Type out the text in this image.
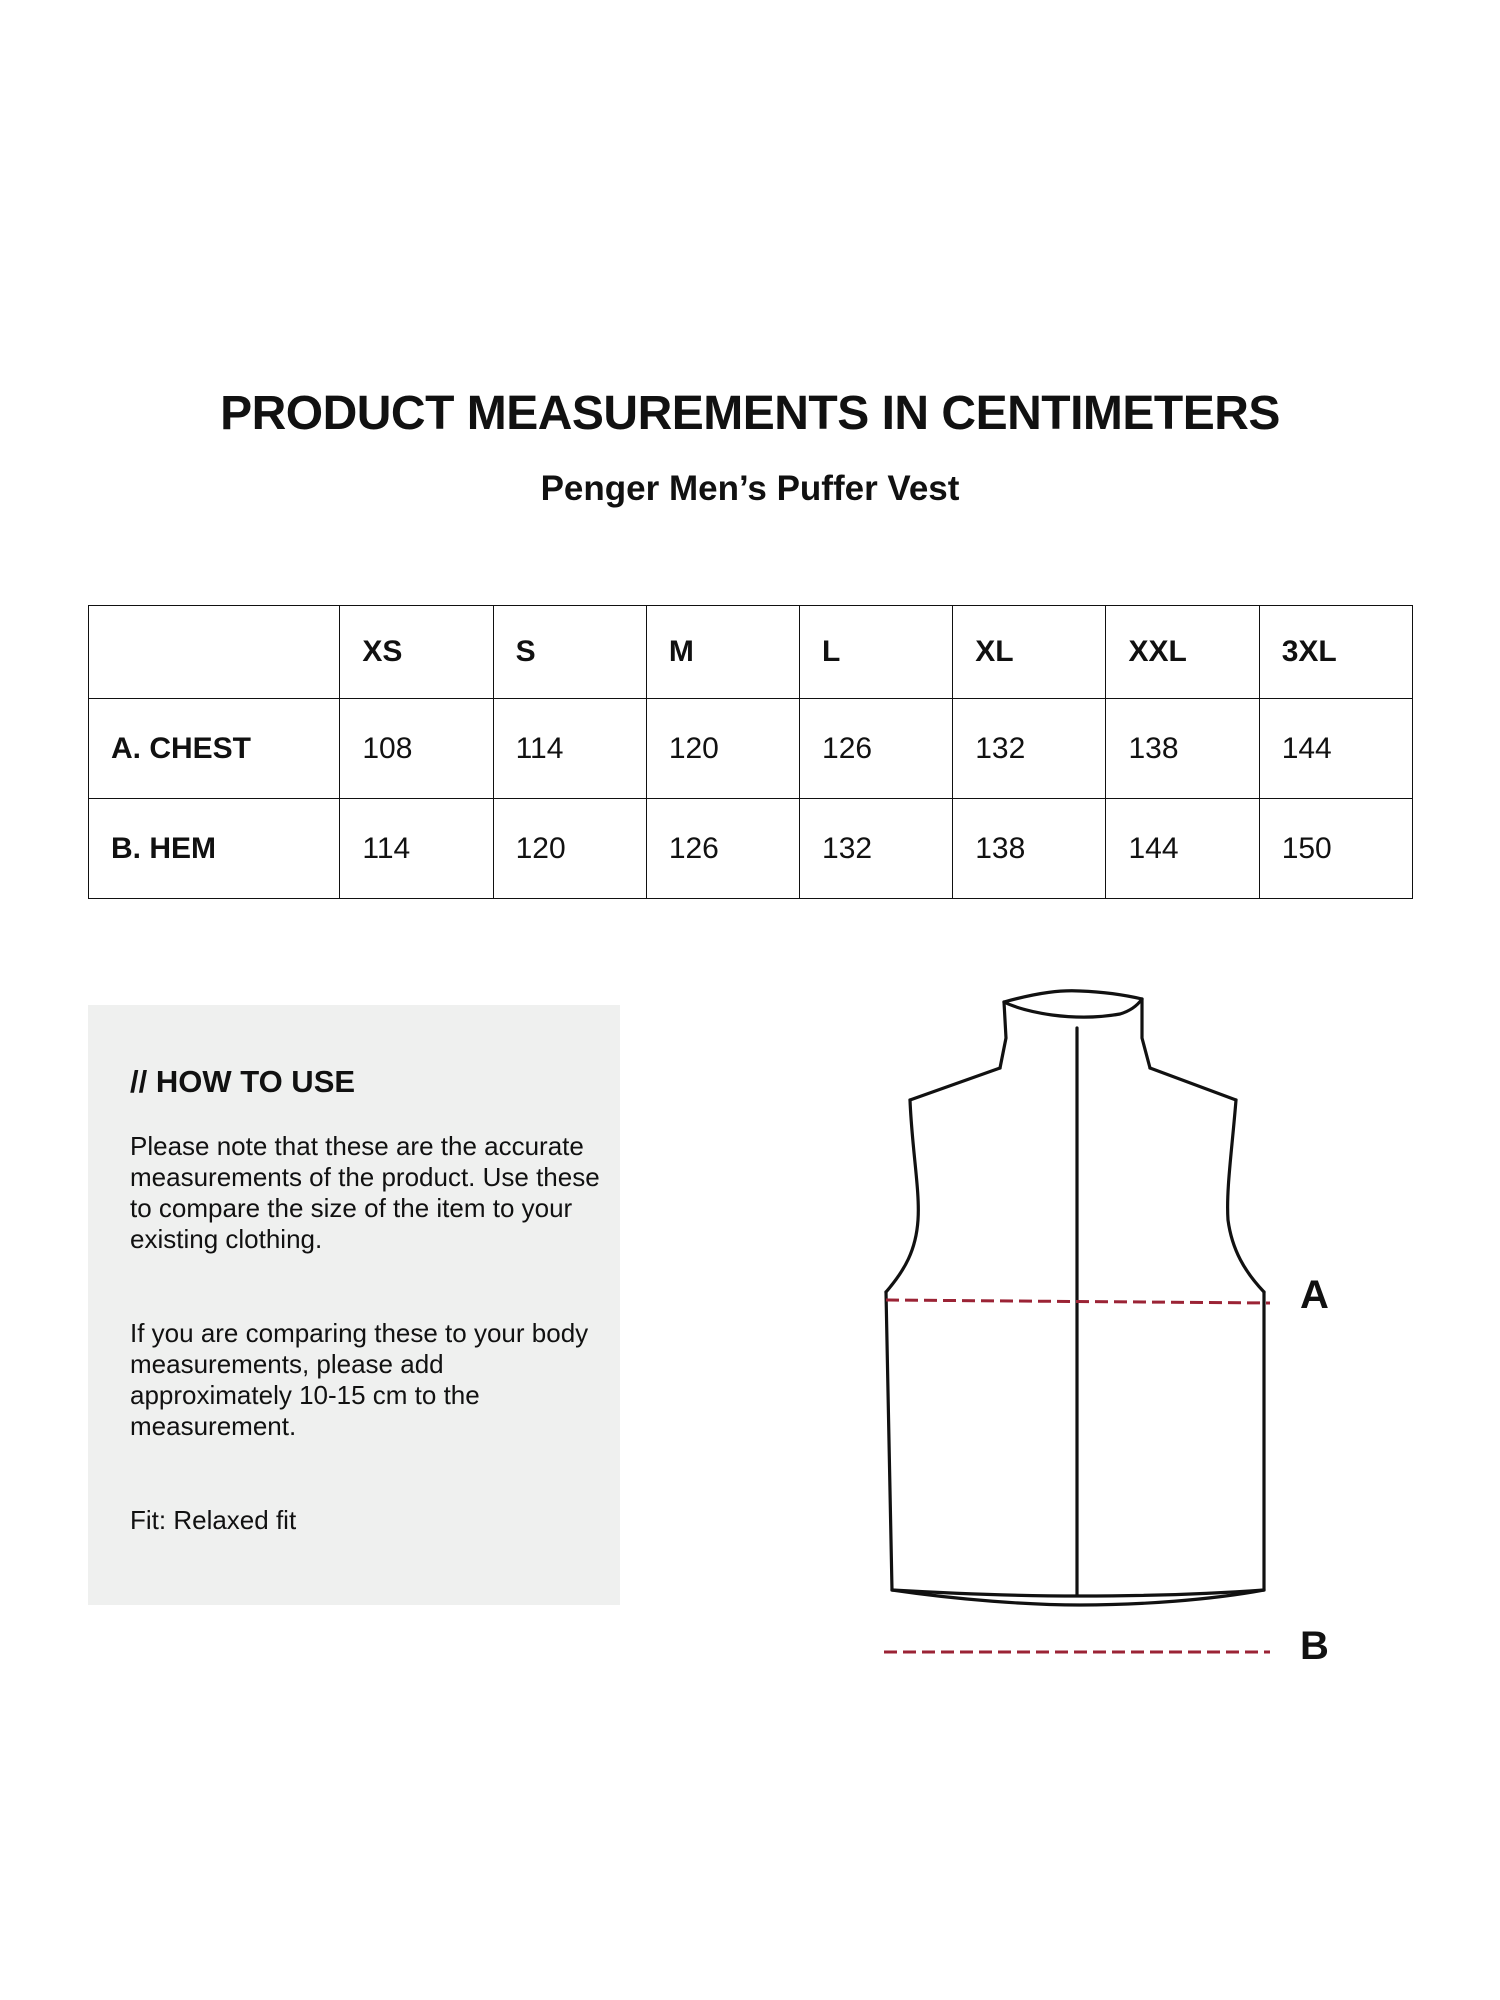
PRODUCT MEASUREMENTS IN CENTIMETERS
Penger Men’s Puffer Vest
	XS	S	M	L	XL	XXL	3XL
A. CHEST	108	114	120	126	132	138	144
B. HEM	114	120	126	132	138	144	150
// HOW TO USE

Please note that these are the accurate measurements of the product. Use these to compare the size of the item to your existing clothing.

If you are comparing these to your body measurements, please add approximately 10-15 cm to the measurement.

Fit: Relaxed fit

A
B
